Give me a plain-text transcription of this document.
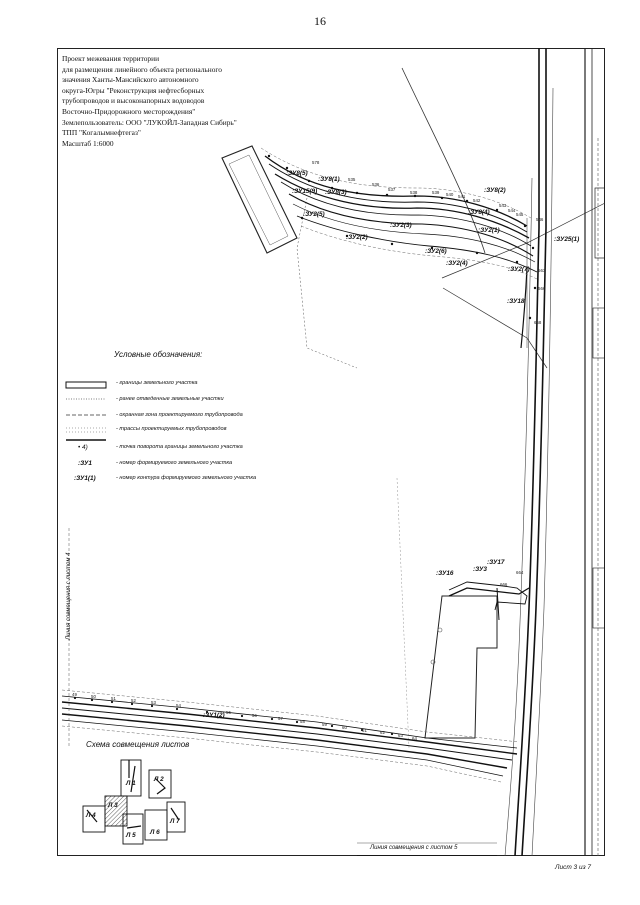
16
Проект межевания территории
для размещения линейного объекта регионального
значения Ханты-Мансийского автономного
округа-Югры "Реконструкция нефтесборных
трубопроводов и высоконапорных водоводов
Восточно-Придорожного месторождения"
Землепользователь: ООО "ЛУКОЙЛ-Западная Сибирь"
ТПП "Когалымнефтегаз"
Масштаб 1:6000
Условные обозначения:
- границы земельного участка
- ранее отведенные земельные участки
- охранная зона проектируемого трубопровода
- трассы проектируемых трубопроводов
- точка поворота границы земельного участка
- номер формируемого земельного участка
- номер контура формируемого земельного участка
• 4)
:ЗУ1
:ЗУ1(1)
:ЗУ8(5)
:ЗУ8(1)
:ЗУ8(3)
:ЗУ15(9)
:ЗУ2(5)
:ЗУ2(2)
:ЗУ2(3)
:ЗУ8(2)
:ЗУ8(4)
:ЗУ2(1)
:ЗУ2(6)
:ЗУ2(4)
:ЗУ2(7)
:ЗУ25(1)
:ЗУ18
:ЗУ16
:ЗУ3
:ЗУ17
:ЗУ1(2)
578
535
536
537
538	539 540 541
542
543
544
545
546
563
566
668
664
666
49	50	51	52	53
54
55
56
57
58
59
60
61	62
63
64
Схема совмещения листов
Л 1
Л 2
Л 3
Л 4
Л 5 Л 6
Л 7
Линия совмещения с листом 4
Линия совмещения с листом 5
Лист 3 из 7
